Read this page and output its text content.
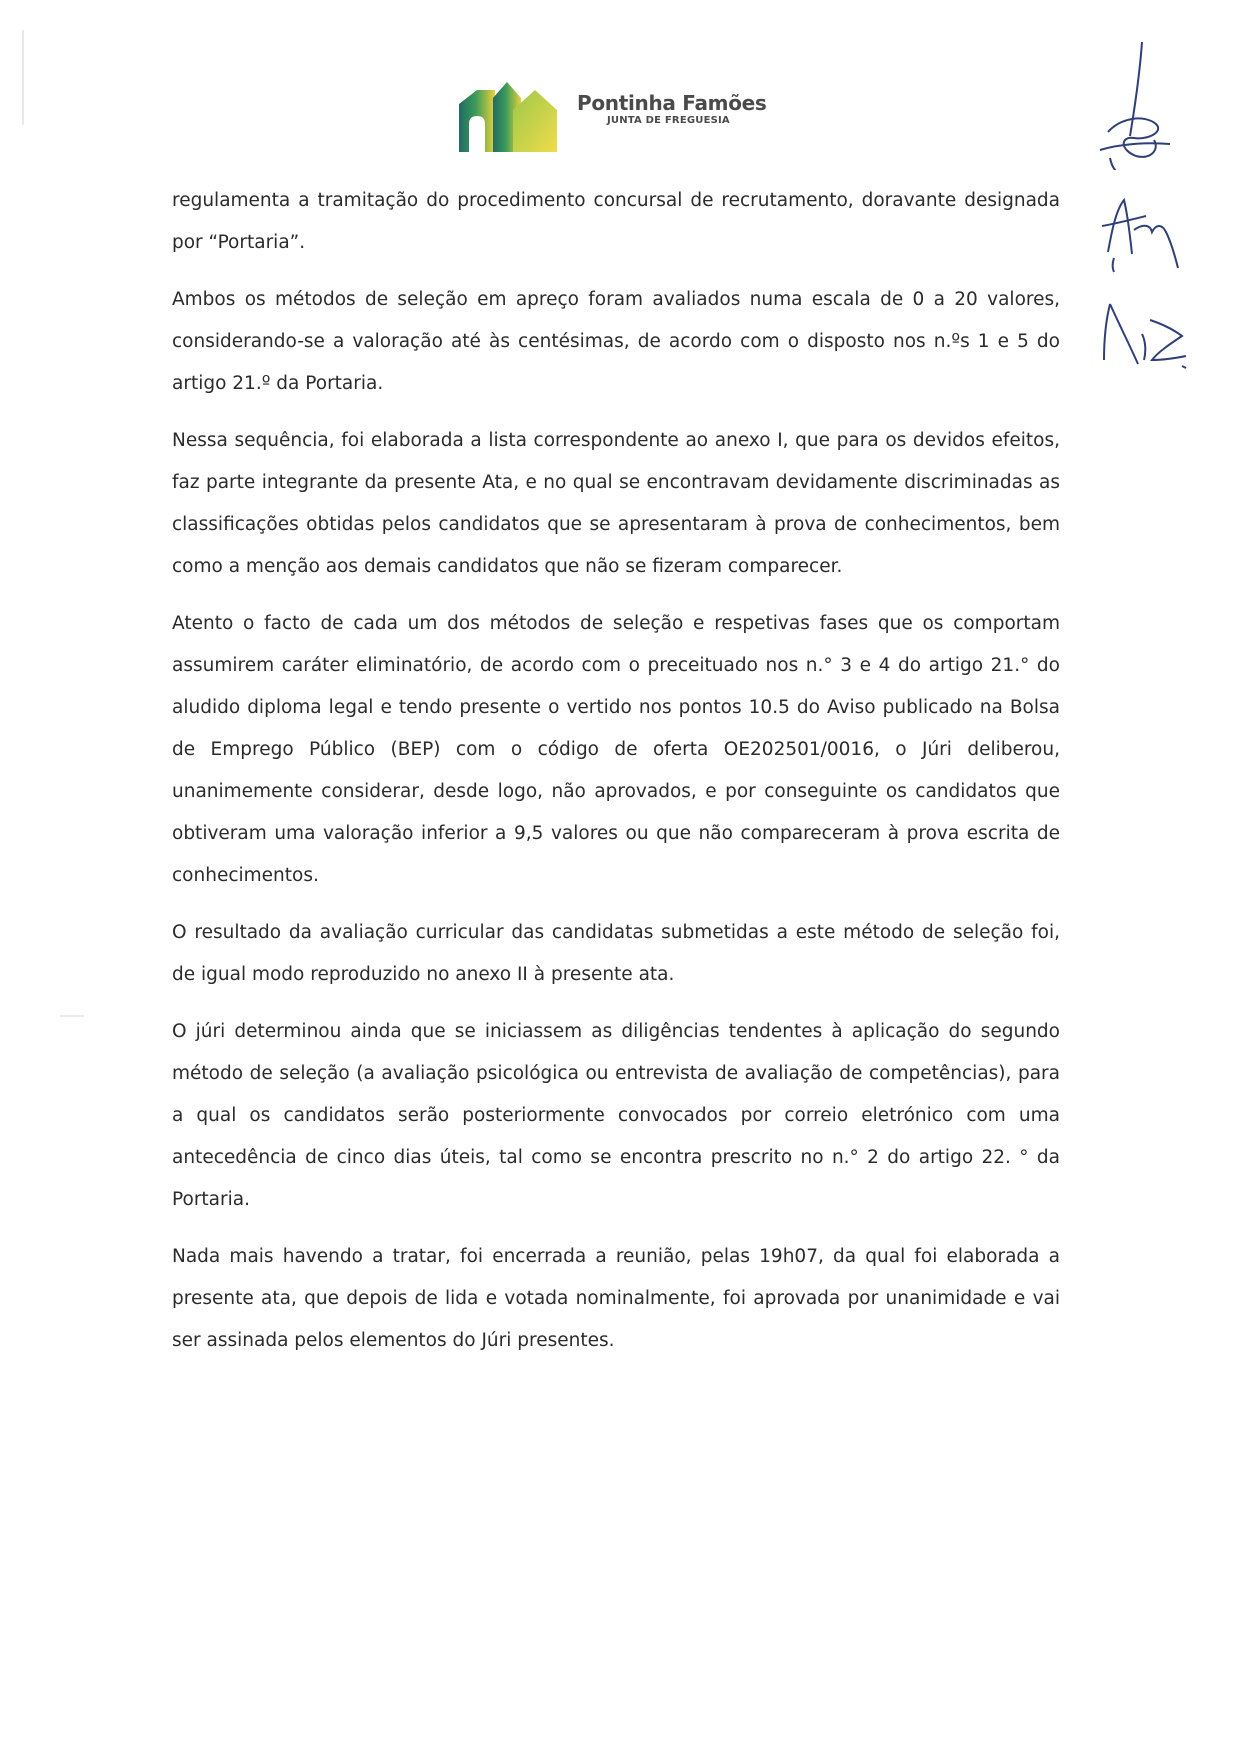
Pontinha Famões
JUNTA DE FREGUESIA

regulamenta a tramitação do procedimento concursal de recrutamento, doravante designada por “Portaria”.

Ambos os métodos de seleção em apreço foram avaliados numa escala de 0 a 20 valores, considerando-se a valoração até às centésimas, de acordo com o disposto nos n.ºs 1 e 5 do artigo 21.º da Portaria.

Nessa sequência, foi elaborada a lista correspondente ao anexo I, que para os devidos efeitos, faz parte integrante da presente Ata, e no qual se encontravam devidamente discriminadas as classificações obtidas pelos candidatos que se apresentaram à prova de conhecimentos, bem como a menção aos demais candidatos que não se fizeram comparecer.

Atento o facto de cada um dos métodos de seleção e respetivas fases que os comportam assumirem caráter eliminatório, de acordo com o preceituado nos n.° 3 e 4 do artigo 21.° do aludido diploma legal e tendo presente o vertido nos pontos 10.5 do Aviso publicado na Bolsa de Emprego Público (BEP) com o código de oferta OE202501/0016, o Júri deliberou, unanimemente considerar, desde logo, não aprovados, e por conseguinte os candidatos que obtiveram uma valoração inferior a 9,5 valores ou que não compareceram à prova escrita de conhecimentos.

O resultado da avaliação curricular das candidatas submetidas a este método de seleção foi, de igual modo reproduzido no anexo II à presente ata.

O júri determinou ainda que se iniciassem as diligências tendentes à aplicação do segundo método de seleção (a avaliação psicológica ou entrevista de avaliação de competências), para a qual os candidatos serão posteriormente convocados por correio eletrónico com uma antecedência de cinco dias úteis, tal como se encontra prescrito no n.° 2 do artigo 22. ° da Portaria.

Nada mais havendo a tratar, foi encerrada a reunião, pelas 19h07, da qual foi elaborada a presente ata, que depois de lida e votada nominalmente, foi aprovada por unanimidade e vai ser assinada pelos elementos do Júri presentes.
